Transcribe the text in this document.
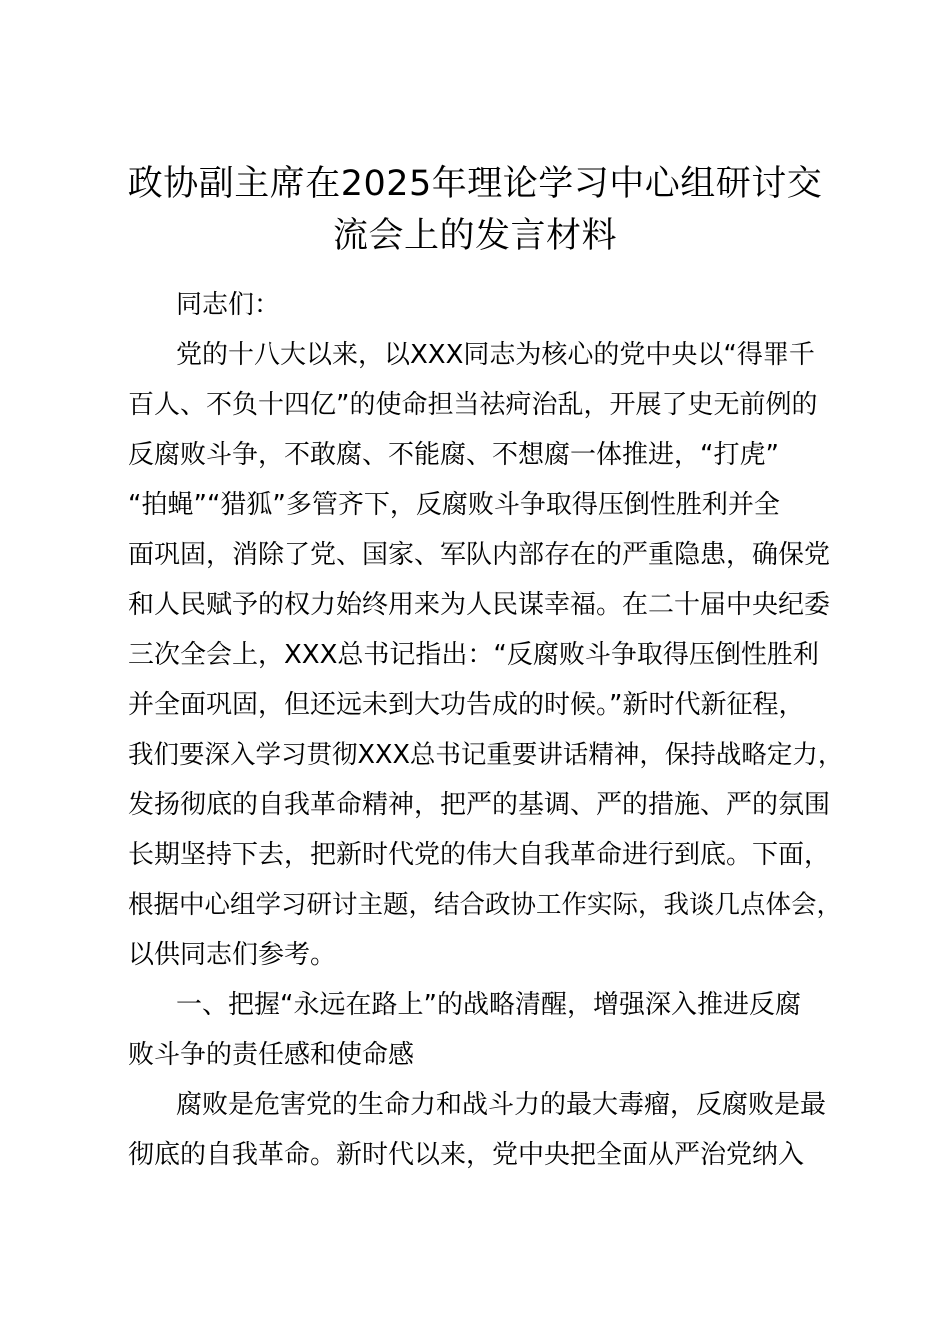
政协副主席在2025年理论学习中心组研讨交
流会上的发言材料
同志们：
党的十八大以来，以XXX同志为核心的党中央以“得罪千
百人、不负十四亿”的使命担当祛疴治乱，开展了史无前例的
反腐败斗争，不敢腐、不能腐、不想腐一体推进，“打虎”
“拍蝇”“猎狐”多管齐下，反腐败斗争取得压倒性胜利并全
面巩固，消除了党、国家、军队内部存在的严重隐患，确保党
和人民赋予的权力始终用来为人民谋幸福。在二十届中央纪委
三次全会上，XXX总书记指出：“反腐败斗争取得压倒性胜利
并全面巩固，但还远未到大功告成的时候。”新时代新征程，
我们要深入学习贯彻XXX总书记重要讲话精神，保持战略定力，
发扬彻底的自我革命精神，把严的基调、严的措施、严的氛围
长期坚持下去，把新时代党的伟大自我革命进行到底。下面，
根据中心组学习研讨主题，结合政协工作实际，我谈几点体会，
以供同志们参考。
一、把握“永远在路上”的战略清醒，增强深入推进反腐
败斗争的责任感和使命感
腐败是危害党的生命力和战斗力的最大毒瘤，反腐败是最
彻底的自我革命。新时代以来，党中央把全面从严治党纳入
